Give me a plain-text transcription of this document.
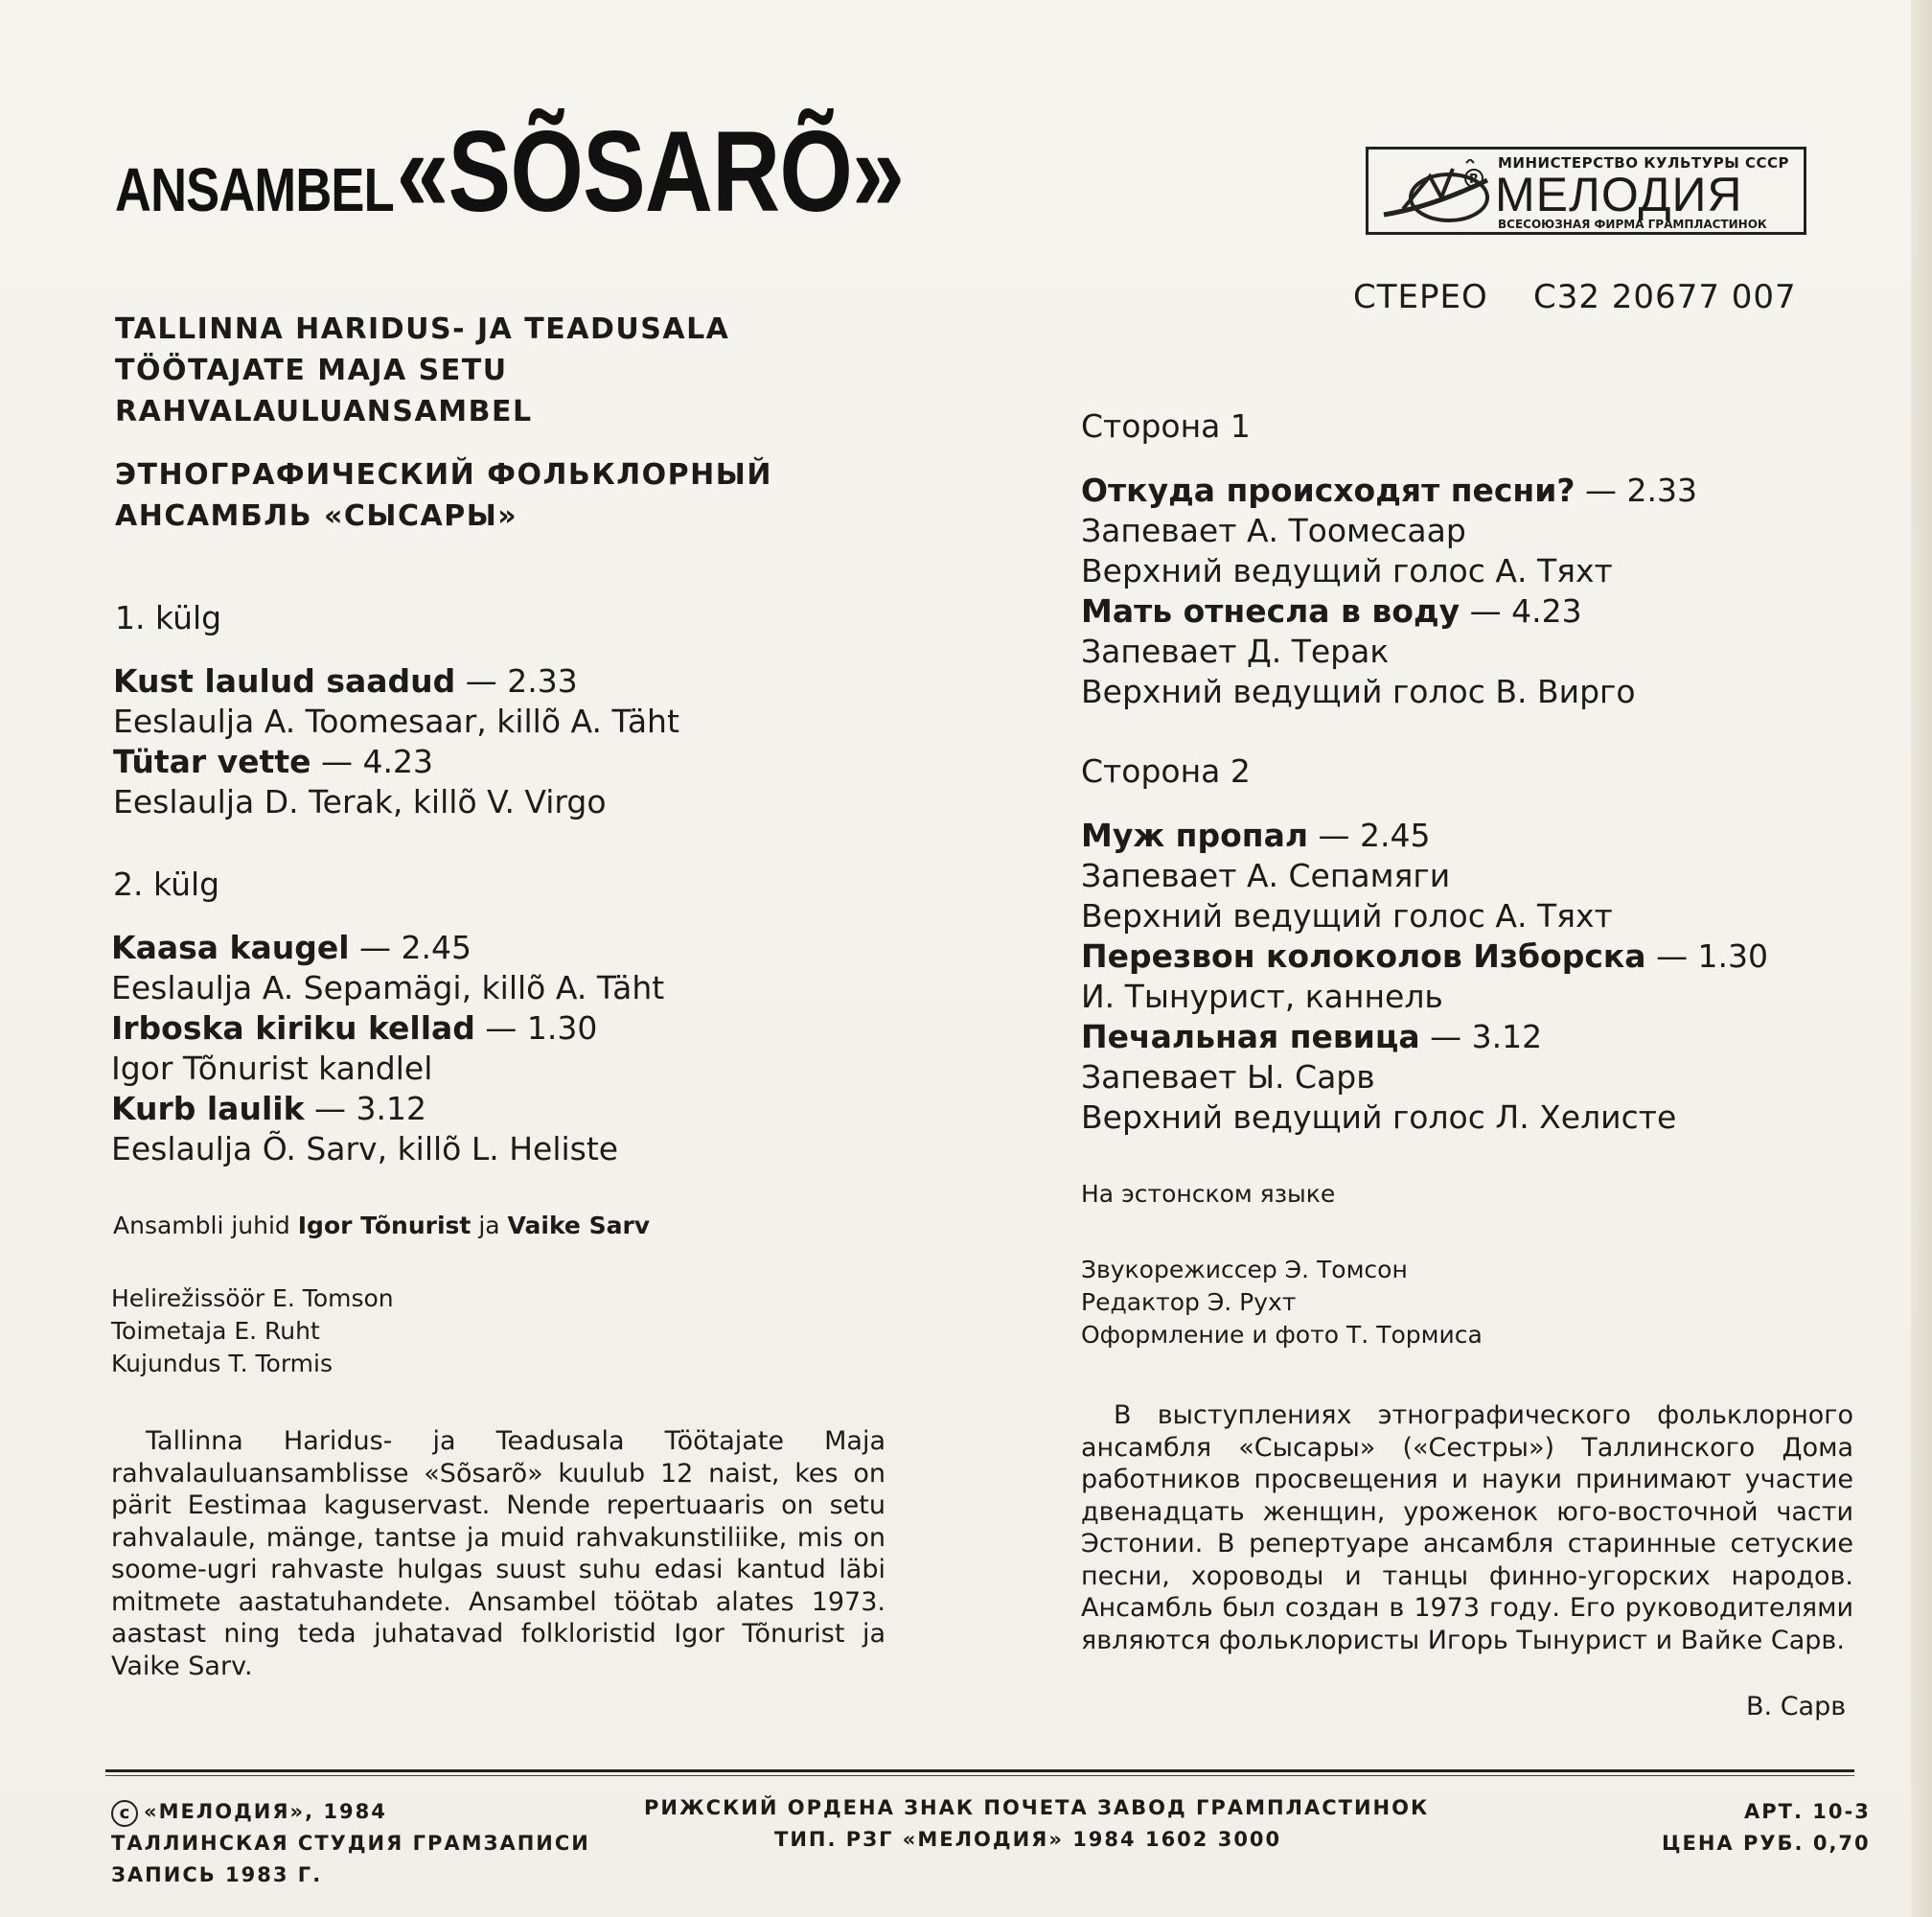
ANSAMBEL «SÕSARÕ»	R
МИНИСТЕРСТВО КУЛЬТУРЫ СССР
МЕЛОДИЯ
ВСЕСОЮЗНАЯ ФИРМА ГРАМПЛАСТИНОК
СТЕРЕО С32 20677 007
TALLINNA HARIDUS- JA TEADUSALA
TÖÖTAJATE MAJA SETU
RAHVALAULUANSAMBEL
ЭТНОГРАФИЧЕСКИЙ ФОЛЬКЛОРНЫЙ
АНСАМБЛЬ «СЫСАРЫ»
1. külg
Kust laulud saadud — 2.33
Eeslaulja A. Toomesaar, killõ A. Täht
Tütar vette — 4.23
Eeslaulja D. Terak, killõ V. Virgo
2. külg
Kaasa kaugel — 2.45
Eeslaulja A. Sepamägi, killõ A. Täht
Irboska kiriku kellad — 1.30
Igor Tõnurist kandlel
Kurb laulik — 3.12
Eeslaulja Õ. Sarv, killõ L. Heliste
Ansambli juhid Igor Tõnurist ja Vaike Sarv
Helirežissöör E. Tomson
Toimetaja E. Ruht
Kujundus T. Tormis

Tallinna Haridus- ja Teadusala Töötajate Maja rahvalauluansamblisse «Sõsarõ» kuulub 12 naist, kes on pärit Eestimaa kaguservast. Nende repertuaaris on setu rahvalaule, mänge, tantse ja muid rahvakunstiliike, mis on soome-ugri rahvaste hulgas suust suhu edasi kantud läbi mitmete aastatuhandete. Ansambel töötab alates 1973. aastast ning teda juhatavad folkloristid Igor Tõnurist ja Vaike Sarv.

Сторона 1
Откуда происходят песни? — 2.33
Запевает А. Тоомесаар
Верхний ведущий голос А. Тяхт
Мать отнесла в воду — 4.23
Запевает Д. Терак
Верхний ведущий голос В. Вирго
Сторона 2
Муж пропал — 2.45
Запевает А. Сепамяги
Верхний ведущий голос А. Тяхт
Перезвон колоколов Изборска — 1.30
И. Тынурист, каннель
Печальная певица — 3.12
Запевает Ы. Сарв
Верхний ведущий голос Л. Хелисте
На эстонском языке
Звукорежиссер Э. Томсон
Редактор Э. Рухт
Оформление и фото Т. Тормиса

В выступлениях этнографического фольклорного ансамбля «Сысары» («Сестры») Таллинского Дома работников просвещения и науки принимают участие двенадцать женщин, уроженок юго-восточной части Эстонии. В репертуаре ансамбля старинные сетуские песни, хороводы и танцы финно-угорских народов. Ансамбль был создан в 1973 году. Его руководителями являются фольклористы Игорь Тынурист и Вайке Сарв.

В. Сарв
c «МЕЛОДИЯ», 1984
ТАЛЛИНСКАЯ СТУДИЯ ГРАМЗАПИСИ
ЗАПИСЬ 1983 Г.
РИЖСКИЙ ОРДЕНА ЗНАК ПОЧЕТА ЗАВОД ГРАМПЛАСТИНОК
ТИП. РЗГ «МЕЛОДИЯ» 1984 1602 3000
АРТ. 10-3
ЦЕНА РУБ. 0,70
